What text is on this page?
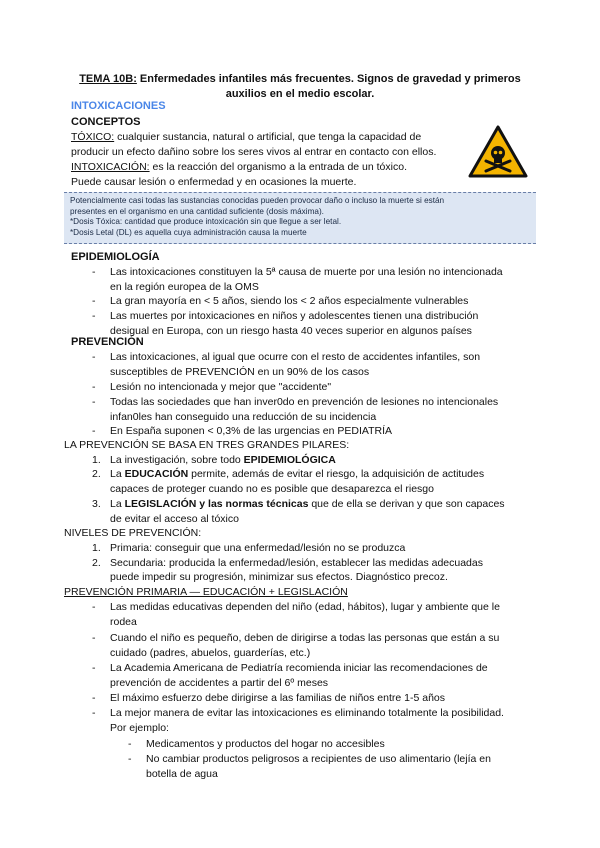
TEMA 10B: Enfermedades infantiles más frecuentes. Signos de gravedad y primeros
auxilios en el medio escolar.
INTOXICACIONES
CONCEPTOS
TÓXICO: cualquier sustancia, natural o artificial, que tenga la capacidad de
producir un efecto dañino sobre los seres vivos al entrar en contacto con ellos.
INTOXICACIÓN: es la reacción del organismo a la entrada de un tóxico.
Puede causar lesión o enfermedad y en ocasiones la muerte.
Potencialmente casi todas las sustancias conocidas pueden provocar daño o incluso la muerte si están
presentes en el organismo en una cantidad suficiente (dosis máxima).
*Dosis Tóxica: cantidad que produce intoxicación sin que llegue a ser letal.
*Dosis Letal (DL) es aquella cuya administración causa la muerte
EPIDEMIOLOGÍA
- Las intoxicaciones constituyen la 5ª causa de muerte por una lesión no intencionada
en la región europea de la OMS
- La gran mayoría en < 5 años, siendo los < 2 años especialmente vulnerables
- Las muertes por intoxicaciones en niños y adolescentes tienen una distribución
desigual en Europa, con un riesgo hasta 40 veces superior en algunos países
PREVENCIÓN
- Las intoxicaciones, al igual que ocurre con el resto de accidentes infantiles, son
susceptibles de PREVENCIÓN en un 90% de los casos
- Lesión no intencionada y mejor que "accidente"
- Todas las sociedades que han inver0do en prevención de lesiones no intencionales
infan0les han conseguido una reducción de su incidencia
- En España suponen < 0,3% de las urgencias en PEDIATRÍA
LA PREVENCIÓN SE BASA EN TRES GRANDES PILARES:
1. La investigación, sobre todo EPIDEMIOLÓGICA
2. La EDUCACIÓN permite, además de evitar el riesgo, la adquisición de actitudes
capaces de proteger cuando no es posible que desaparezca el riesgo
3. La LEGISLACIÓN y las normas técnicas que de ella se derivan y que son capaces
de evitar el acceso al tóxico
NIVELES DE PREVENCIÓN:
1. Primaria: conseguir que una enfermedad/lesión no se produzca
2. Secundaria: producida la enfermedad/lesión, establecer las medidas adecuadas
puede impedir su progresión, minimizar sus efectos. Diagnóstico precoz.
PREVENCIÓN PRIMARIA — EDUCACIÓN + LEGISLACIÓN
- Las medidas educativas dependen del niño (edad, hábitos), lugar y ambiente que le
rodea
- Cuando el niño es pequeño, deben de dirigirse a todas las personas que están a su
cuidado (padres, abuelos, guarderías, etc.)
- La Academia Americana de Pediatría recomienda iniciar las recomendaciones de
prevención de accidentes a partir del 6º meses
- El máximo esfuerzo debe dirigirse a las familias de niños entre 1-5 años
- La mejor manera de evitar las intoxicaciones es eliminando totalmente la posibilidad.
Por ejemplo:
- Medicamentos y productos del hogar no accesibles
- No cambiar productos peligrosos a recipientes de uso alimentario (lejía en
botella de agua
